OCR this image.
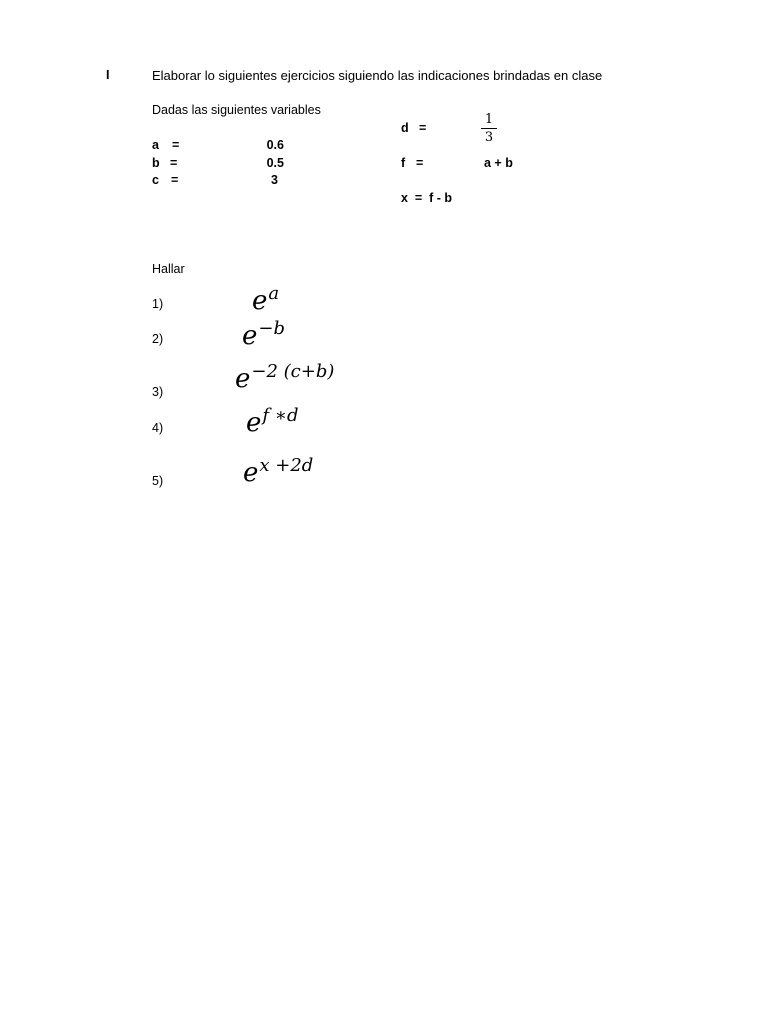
I	Elaborar lo siguientes ejercicios siguiendo las indicaciones brindadas en clase
Dadas las siguientes variables
a =	0.6
b =	0.5
c =	3
d =
1
3
f =	a + b
x  =  f - b
Hallar
1)	$e^a$
2)	$e^{-b}$
3)	$e^{-2 (c+b)}$
4)	$e^{f ∗d}$
5)	$e^{x +2d}$
